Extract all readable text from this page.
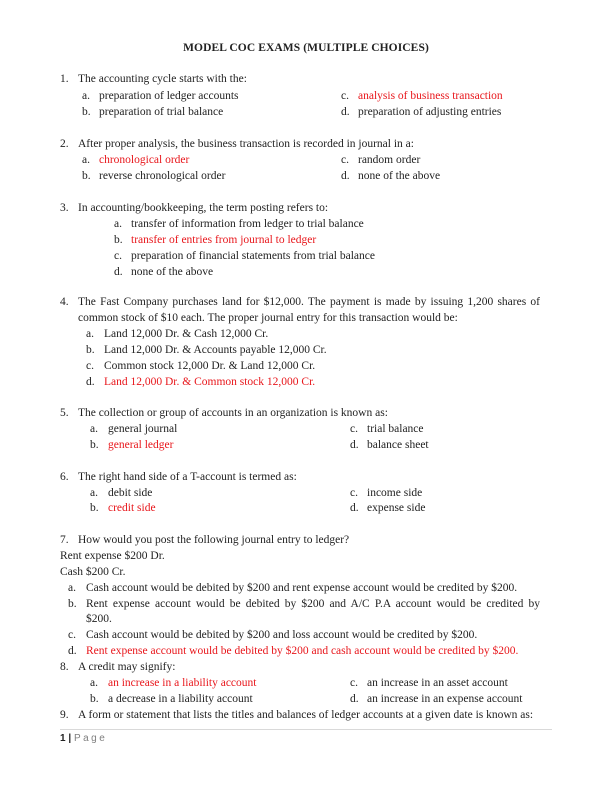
MODEL COC EXAMS (MULTIPLE CHOICES)
1. The accounting cycle starts with the:
a. preparation of ledger accounts	c. analysis of business transaction
b. preparation of trial balance	d. preparation of adjusting entries
2. After proper analysis, the business transaction is recorded in journal in a:
a. chronological order	c. random order
b. reverse chronological order	d. none of the above
3. In accounting/bookkeeping, the term posting refers to:
a. transfer of information from ledger to trial balance
b. transfer of entries from journal to ledger
c. preparation of financial statements from trial balance
d. none of the above
4. The Fast Company purchases land for $12,000. The payment is made by issuing 1,200 shares of
common stock of $10 each. The proper journal entry for this transaction would be:
a. Land 12,000 Dr. & Cash 12,000 Cr.
b. Land 12,000 Dr. & Accounts payable 12,000 Cr.
c. Common stock 12,000 Dr. & Land 12,000 Cr.
d. Land 12,000 Dr. & Common stock 12,000 Cr.
5. The collection or group of accounts in an organization is known as:
a. general journal	c. trial balance
b. general ledger	d. balance sheet
6. The right hand side of a T-account is termed as:
a. debit side	c. income side
b. credit side	d. expense side
7. How would you post the following journal entry to ledger?
Rent expense $200 Dr.
Cash $200 Cr.
a. Cash account would be debited by $200 and rent expense account would be credited by $200.
b. Rent expense account would be debited by $200 and A/C P.A account would be credited by
$200.
c. Cash account would be debited by $200 and loss account would be credited by $200.
d. Rent expense account would be debited by $200 and cash account would be credited by $200.
8. A credit may signify:
a. an increase in a liability account	c. an increase in an asset account
b. a decrease in a liability account	d. an increase in an expense account
9. A form or statement that lists the titles and balances of ledger accounts at a given date is known as:
1 | Page
